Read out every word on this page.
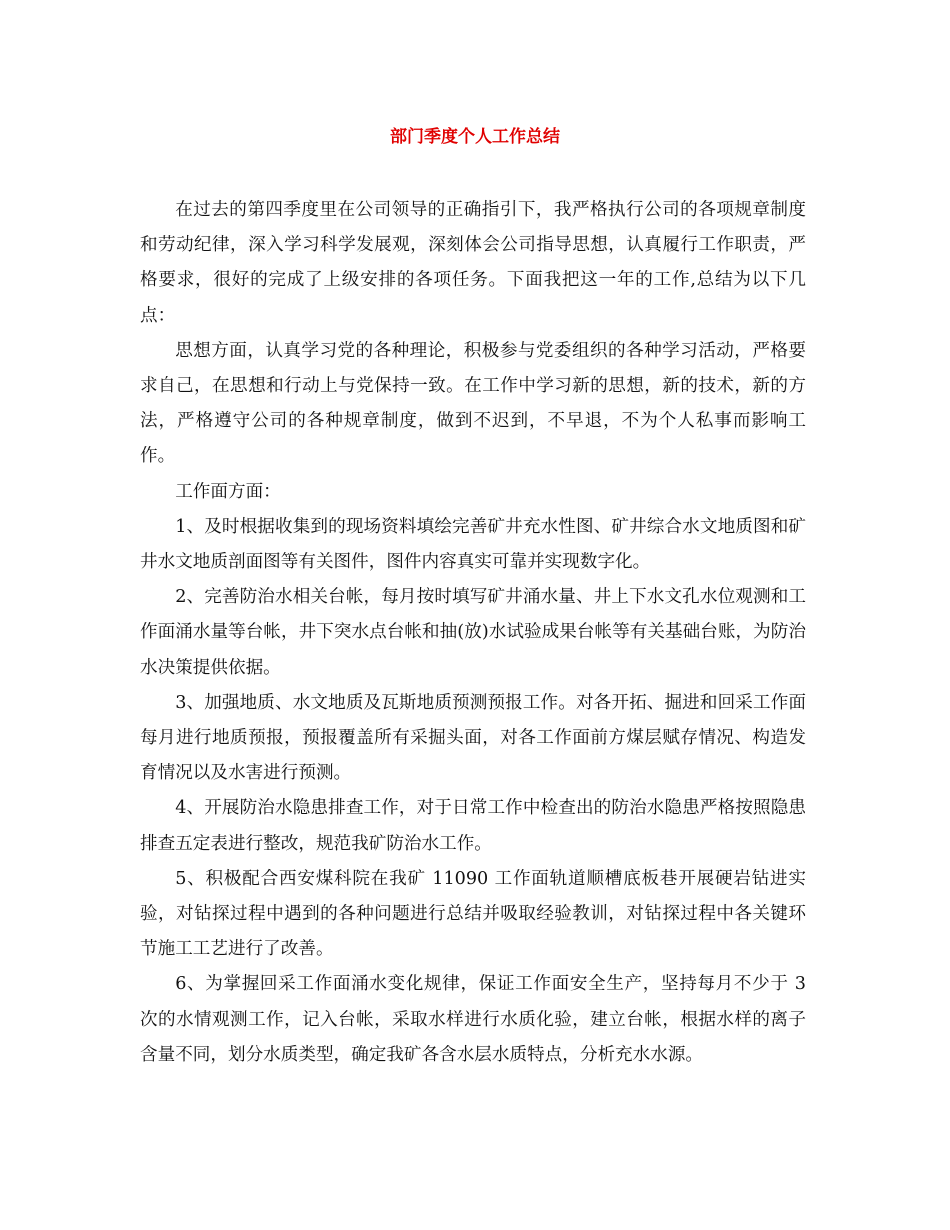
部门季度个人工作总结

在过去的第四季度里在公司领导的正确指引下，我严格执行公司的各项规章制度和劳动纪律，深入学习科学发展观，深刻体会公司指导思想，认真履行工作职责，严格要求，很好的完成了上级安排的各项任务。下面我把这一年的工作,总结为以下几点：

思想方面，认真学习党的各种理论，积极参与党委组织的各种学习活动，严格要求自己，在思想和行动上与党保持一致。在工作中学习新的思想，新的技术，新的方法，严格遵守公司的各种规章制度，做到不迟到，不早退，不为个人私事而影响工作。

工作面方面：

1、及时根据收集到的现场资料填绘完善矿井充水性图、矿井综合水文地质图和矿井水文地质剖面图等有关图件，图件内容真实可靠并实现数字化。

2、完善防治水相关台帐，每月按时填写矿井涌水量、井上下水文孔水位观测和工作面涌水量等台帐，井下突水点台帐和抽(放)水试验成果台帐等有关基础台账，为防治水决策提供依据。

3、加强地质、水文地质及瓦斯地质预测预报工作。对各开拓、掘进和回采工作面每月进行地质预报，预报覆盖所有采掘头面，对各工作面前方煤层赋存情况、构造发育情况以及水害进行预测。

4、开展防治水隐患排查工作，对于日常工作中检查出的防治水隐患严格按照隐患排查五定表进行整改，规范我矿防治水工作。

5、积极配合西安煤科院在我矿 11090 工作面轨道顺槽底板巷开展硬岩钻进实验，对钻探过程中遇到的各种问题进行总结并吸取经验教训，对钻探过程中各关键环节施工工艺进行了改善。

6、为掌握回采工作面涌水变化规律，保证工作面安全生产，坚持每月不少于 3 次的水情观测工作，记入台帐，采取水样进行水质化验，建立台帐，根据水样的离子含量不同，划分水质类型，确定我矿各含水层水质特点，分析充水水源。
